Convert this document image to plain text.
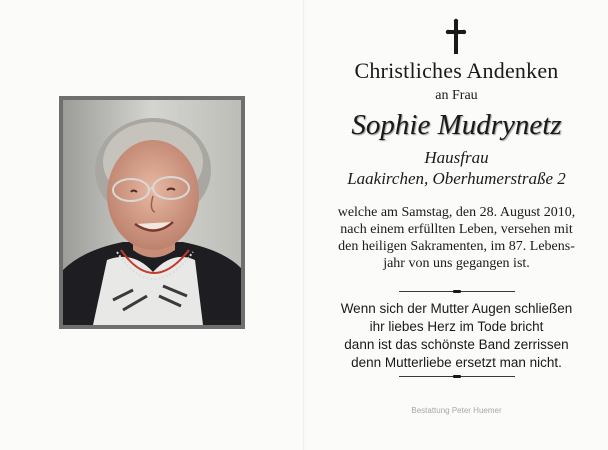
Christliches Andenken
an Frau
Sophie Mudrynetz
Hausfrau
Laakirchen, Oberhumerstraße 2
welche am Samstag, den 28. August 2010,
nach einem erfüllten Leben, versehen mit
den heiligen Sakramenten, im 87. Lebens-
jahr von uns gegangen ist.
Wenn sich der Mutter Augen schließen
ihr liebes Herz im Tode bricht
dann ist das schönste Band zerrissen
denn Mutterliebe ersetzt man nicht.
Bestattung Peter Huemer
